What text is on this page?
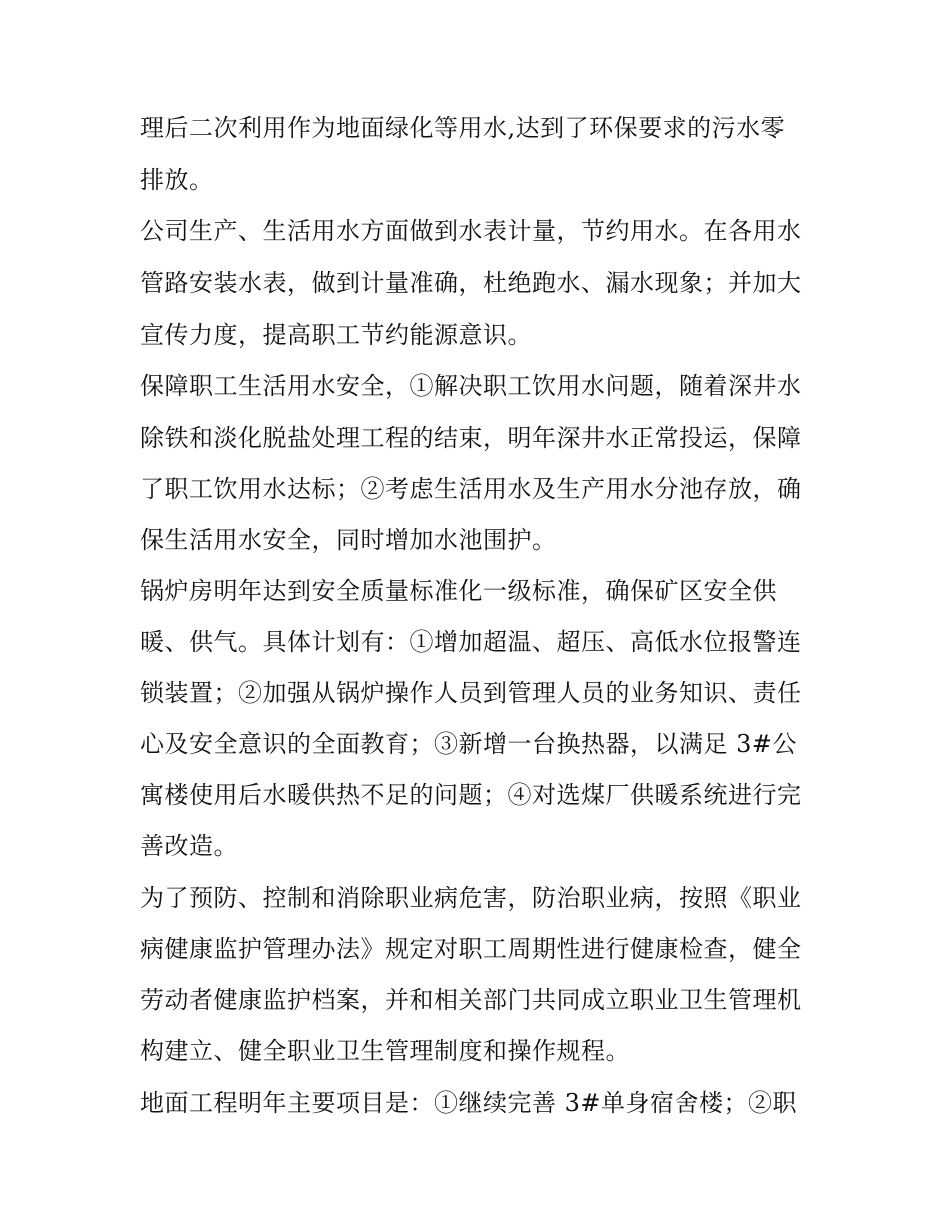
理后二次利用作为地面绿化等用水,达到了环保要求的污水零
排放。
公司生产、生活用水方面做到水表计量，节约用水。在各用水
管路安装水表，做到计量准确，杜绝跑水、漏水现象；并加大
宣传力度，提高职工节约能源意识。
保障职工生活用水安全，①解决职工饮用水问题，随着深井水
除铁和淡化脱盐处理工程的结束，明年深井水正常投运，保障
了职工饮用水达标；②考虑生活用水及生产用水分池存放，确
保生活用水安全，同时增加水池围护。
锅炉房明年达到安全质量标准化一级标准，确保矿区安全供
暖、供气。具体计划有：①增加超温、超压、高低水位报警连
锁装置；②加强从锅炉操作人员到管理人员的业务知识、责任
心及安全意识的全面教育；③新增一台换热器，以满足 3#公
寓楼使用后水暖供热不足的问题；④对选煤厂供暖系统进行完
善改造。
为了预防、控制和消除职业病危害，防治职业病，按照《职业
病健康监护管理办法》规定对职工周期性进行健康检查，健全
劳动者健康监护档案，并和相关部门共同成立职业卫生管理机
构建立、健全职业卫生管理制度和操作规程。
地面工程明年主要项目是：①继续完善 3#单身宿舍楼；②职
